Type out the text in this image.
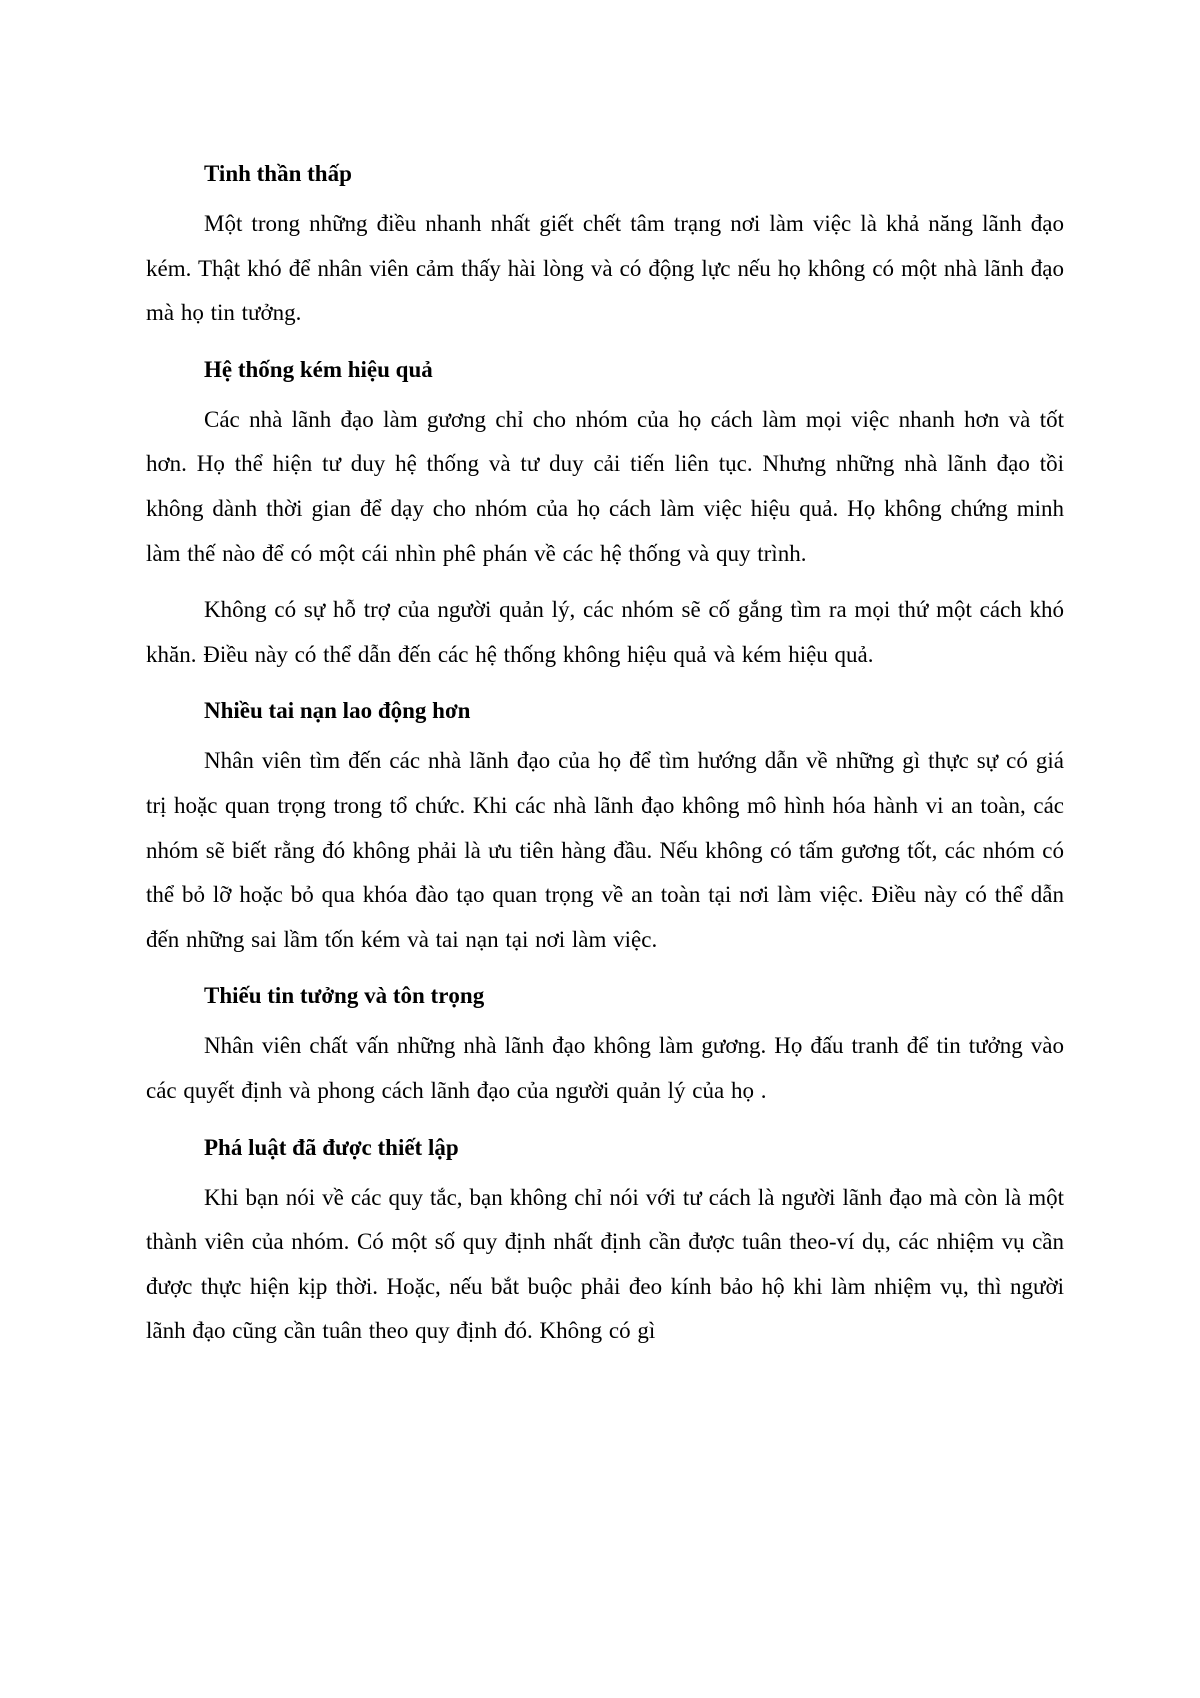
Tinh thần thấp

Một trong những điều nhanh nhất giết chết tâm trạng nơi làm việc là khả năng lãnh đạo kém. Thật khó để nhân viên cảm thấy hài lòng và có động lực nếu họ không có một nhà lãnh đạo mà họ tin tưởng.

Hệ thống kém hiệu quả

Các nhà lãnh đạo làm gương chỉ cho nhóm của họ cách làm mọi việc nhanh hơn và tốt hơn. Họ thể hiện tư duy hệ thống và tư duy cải tiến liên tục. Nhưng những nhà lãnh đạo tồi không dành thời gian để dạy cho nhóm của họ cách làm việc hiệu quả. Họ không chứng minh làm thế nào để có một cái nhìn phê phán về các hệ thống và quy trình.

Không có sự hỗ trợ của người quản lý, các nhóm sẽ cố gắng tìm ra mọi thứ một cách khó khăn. Điều này có thể dẫn đến các hệ thống không hiệu quả và kém hiệu quả.

Nhiều tai nạn lao động hơn

Nhân viên tìm đến các nhà lãnh đạo của họ để tìm hướng dẫn về những gì thực sự có giá trị hoặc quan trọng trong tổ chức. Khi các nhà lãnh đạo không mô hình hóa hành vi an toàn, các nhóm sẽ biết rằng đó không phải là ưu tiên hàng đầu. Nếu không có tấm gương tốt, các nhóm có thể bỏ lỡ hoặc bỏ qua khóa đào tạo quan trọng về an toàn tại nơi làm việc. Điều này có thể dẫn đến những sai lầm tốn kém và tai nạn tại nơi làm việc.

Thiếu tin tưởng và tôn trọng

Nhân viên chất vấn những nhà lãnh đạo không làm gương. Họ đấu tranh để tin tưởng vào các quyết định và phong cách lãnh đạo của người quản lý của họ .

Phá luật đã được thiết lập

Khi bạn nói về các quy tắc, bạn không chỉ nói với tư cách là người lãnh đạo mà còn là một thành viên của nhóm. Có một số quy định nhất định cần được tuân theo-ví dụ, các nhiệm vụ cần được thực hiện kịp thời. Hoặc, nếu bắt buộc phải đeo kính bảo hộ khi làm nhiệm vụ, thì người lãnh đạo cũng cần tuân theo quy định đó. Không có gì
